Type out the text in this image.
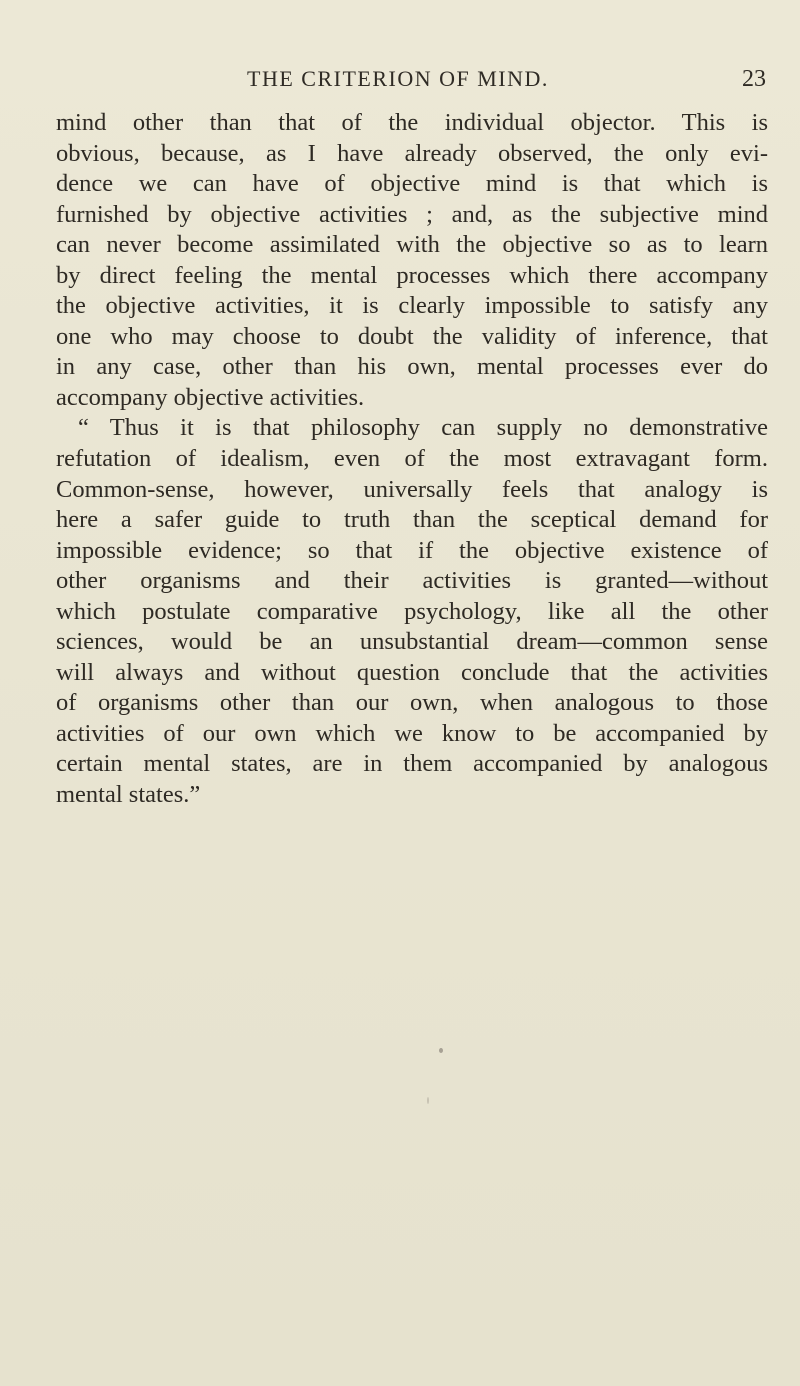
THE CRITERION OF MIND.	23
mind other than that of the individual objector. This is
obvious, because, as I have already observed, the only evi-
dence we can have of objective mind is that which is
furnished by objective activities ; and, as the subjective mind
can never become assimilated with the objective so as to learn
by direct feeling the mental processes which there accompany
the objective activities, it is clearly impossible to satisfy any
one who may choose to doubt the validity of inference, that
in any case, other than his own, mental processes ever do
accompany objective activities.
“ Thus it is that philosophy can supply no demonstrative
refutation of idealism, even of the most extravagant form.
Common-sense, however, universally feels that analogy is
here a safer guide to truth than the sceptical demand for
impossible evidence; so that if the objective existence of
other organisms and their activities is granted—without
which postulate comparative psychology, like all the other
sciences, would be an unsubstantial dream—common sense
will always and without question conclude that the activities
of organisms other than our own, when analogous to those
activities of our own which we know to be accompanied by
certain mental states, are in them accompanied by analogous
mental states.”
